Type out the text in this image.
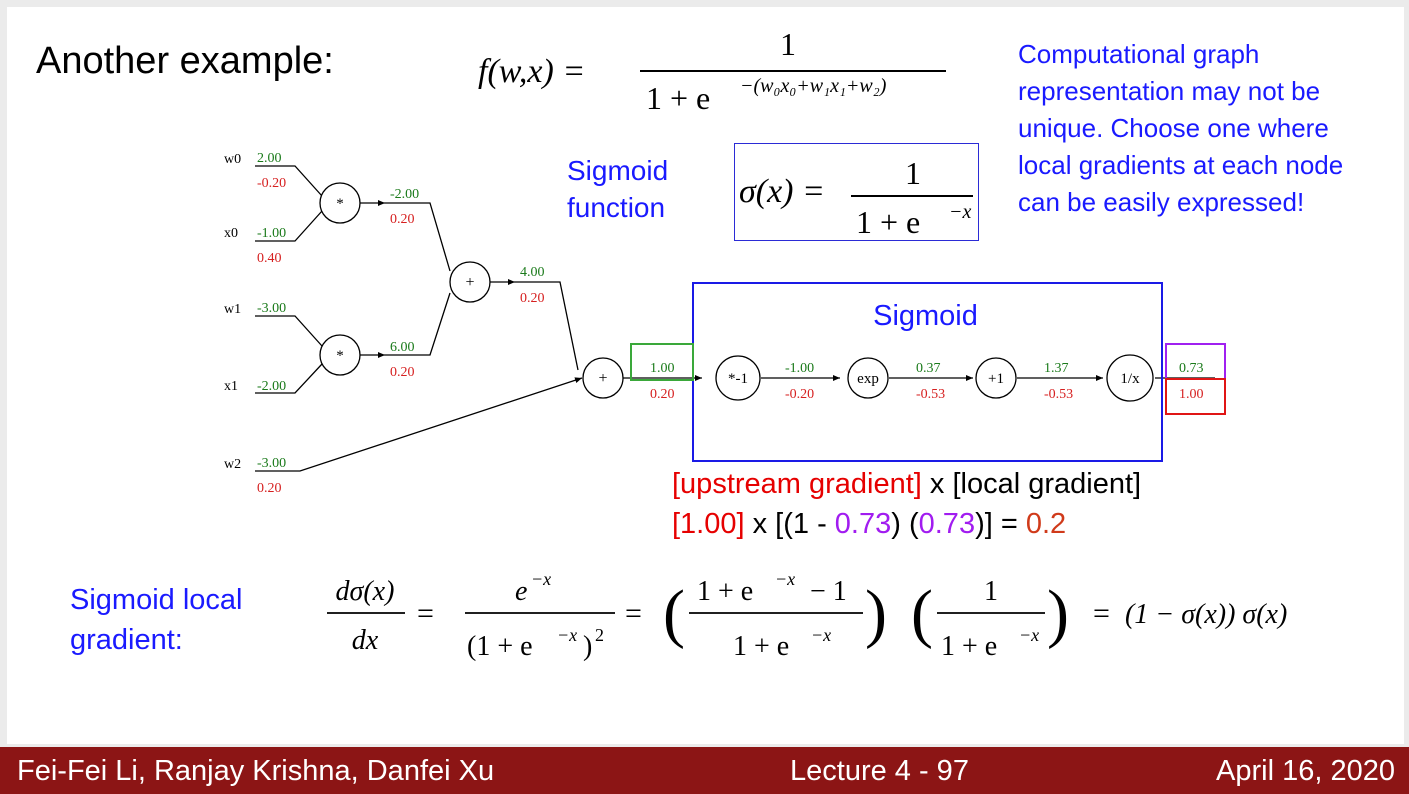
Another example:	f(w,x) =
1
1 + e −(w₀x₀+w₁x₁+w₂)
Computational graph representation may not be unique. Choose one where local gradients at each node can be easily expressed!
Sigmoid
function σ(x) =	1
1 + e −x
w0 2.00
-0.20
x0 -1.00
0.40
w1 -3.00
x1 -2.00
w2 -3.00
0.20
-2.00
0.20
6.00
0.20
4.00
0.20
1.00
0.20
-1.00
-0.20
0.37
-0.53
1.37
-0.53
0.73
1.00
*
*
+
+	*-1	exp	+1	1/x
Sigmoid
[upstream gradient] x [local gradient]
[1.00] x [(1 - 0.73) (0.73)] = 0.2
Sigmoid local
gradient:
dσ(x)
dx
=
e −x
(1 + e −x ) 2
= ( 1 + e −x − 1
1 + e −x ) ( 1
1 + e −x ) = (1 − σ(x)) σ(x)
Fei-Fei Li, Ranjay Krishna, Danfei Xu	Lecture 4 - 97	April 16, 2020
